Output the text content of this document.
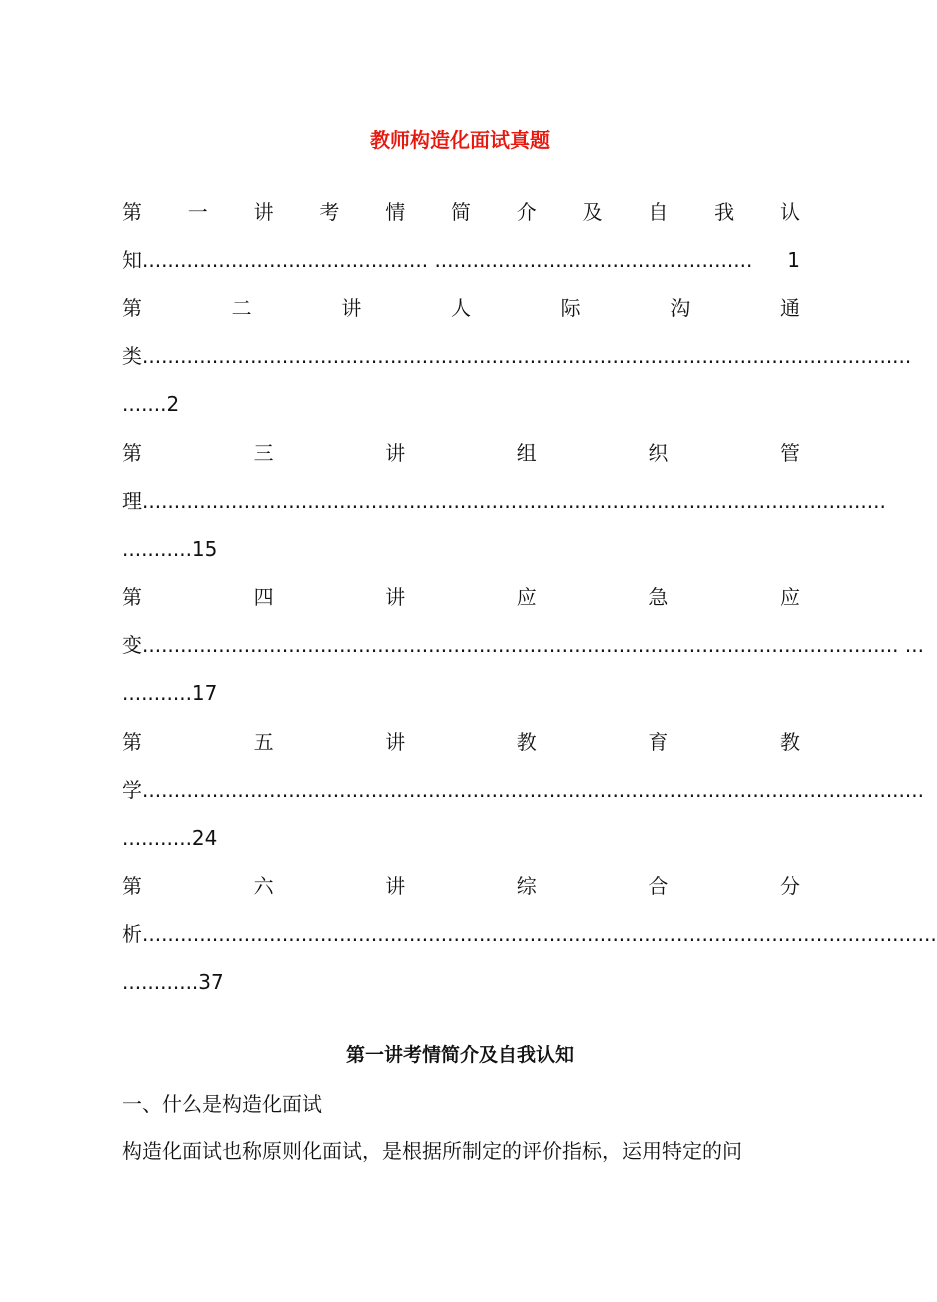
教师构造化面试真题
第 一 讲 考 情 简 介 及 自 我 认
知 ............................................. ..................................................	1
第	二	讲	人	际	沟	通
类 .........................................................................................................................
.......2
第	三	讲	组	织	管
理 .................................................................................................................... .
...........15
第	四	讲	应	急	应
变 .................................................................................................................... ... ...
...........17
第	五	讲	教	育	教
学 .................................................................................................................... .......
...........24
第	六	讲	综	合	分
析 .................................................................................................................... .........
............37
第一讲考情简介及自我认知
一、什么是构造化面试
构造化面试也称原则化面试，是根据所制定的评价指标，运用特定的问
